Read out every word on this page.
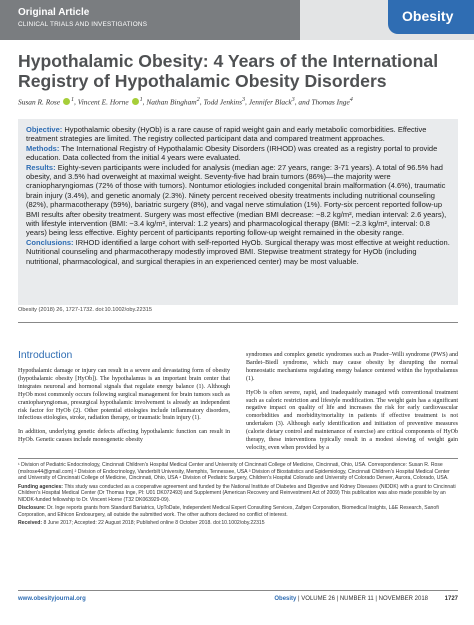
Original Article
CLINICAL TRIALS AND INVESTIGATIONS
Obesity
Hypothalamic Obesity: 4 Years of the International Registry of Hypothalamic Obesity Disorders
Susan R. Rose $^1$, Vincent E. Horne $^1$, Nathan Bingham$^2$, Todd Jenkins$^3$, Jennifer Black$^3$, and Thomas Inge$^4$

Objective: Hypothalamic obesity (HyOb) is a rare cause of rapid weight gain and early metabolic comorbidities. Effective treatment strategies are limited. The registry collected participant data and compared treatment approaches.

Methods: The International Registry of Hypothalamic Obesity Disorders (IRHOD) was created as a registry portal to provide education. Data collected from the initial 4 years were evaluated.

Results: Eighty-seven participants were included for analysis (median age: 27 years, range: 3-71 years). A total of 96.5% had obesity, and 3.5% had overweight at maximal weight. Seventy-five had brain tumors (86%)—the majority were craniopharyngiomas (72% of those with tumors). Nontumor etiologies included congenital brain malformation (4.6%), traumatic brain injury (3.4%), and genetic anomaly (2.3%). Ninety percent received obesity treatments including nutritional counseling (82%), pharmacotherapy (59%), bariatric surgery (8%), and vagal nerve stimulation (1%). Forty-six percent reported follow-up BMI results after obesity treatment. Surgery was most effective (median BMI decrease: −8.2 kg/m², median interval: 2.6 years), with lifestyle intervention (BMI: −3.4 kg/m², interval: 1.2 years) and pharmacological therapy (BMI: −2.3 kg/m², interval: 0.8 years) being less effective. Eighty percent of participants reporting follow-up weight remained in the obesity range.

Conclusions: IRHOD identified a large cohort with self-reported HyOb. Surgical therapy was most effective at weight reduction. Nutritional counseling and pharmacotherapy modestly improved BMI. Stepwise treatment strategy for HyOb (including nutritional, pharmacological, and surgical therapies in an experienced center) may be most valuable.

Obesity (2018) 26, 1727-1732. doi:10.1002/oby.22315
Introduction

Hypothalamic damage or injury can result in a severe and devastating form of obesity (hypothalamic obesity [HyOb]). The hypothalamus is an important brain center that integrates neuronal and hormonal signals that regulate energy balance (1). Although HyOb most commonly occurs following surgical management for brain tumors such as craniopharyngiomas, presurgical hypothalamic involvement is already an independent risk factor for HyOb (2). Other potential etiologies include inflammatory disorders, infectious etiologies, stroke, radiation therapy, or traumatic brain injury (1).

In addition, underlying genetic defects affecting hypothalamic function can result in HyOb. Genetic causes include monogenetic obesity

syndromes and complex genetic syndromes such as Prader–Willi syndrome (PWS) and Bardet–Biedl syndrome, which may cause obesity by disrupting the normal homeostatic mechanisms regulating energy balance centered within the hypothalamus (1).

HyOb is often severe, rapid, and inadequately managed with conventional treatment such as caloric restriction and lifestyle modification. The weight gain has a significant negative impact on quality of life and increases the risk for early cardiovascular comorbidities and morbidity/mortality in patients if effective treatment is not undertaken (3). Although early identification and initiation of preventive measures (calorie dietary control and maintenance of exercise) are critical components of HyOb therapy, these interventions typically result in a modest slowing of weight gain velocity, even when provided by a

¹ Division of Pediatric Endocrinology, Cincinnati Children's Hospital Medical Center and University of Cincinnati College of Medicine, Cincinnati, Ohio, USA. Correspondence: Susan R. Rose (mslrose44@gmail.com) ² Division of Endocrinology, Vanderbilt University, Memphis, Tennessee, USA ³ Division of Biostatistics and Epidemiology, Cincinnati Children's Hospital Medical Center and University of Cincinnati College of Medicine, Cincinnati, Ohio, USA ⁴ Division of Pediatric Surgery, Children's Hospital Colorado and University of Colorado Denver, Aurora, Colorado, USA.

Funding agencies: This study was conducted as a cooperative agreement and funded by the National Institute of Diabetes and Digestive and Kidney Diseases (NIDDK) with a grant to Cincinnati Children's Hospital Medical Center (Dr Thomas Inge, PI: U01 DK072493) and Supplement (American Recovery and Reinvestment Act of 2009) This publication was also made possible by an NIDDK-funded fellowship to Dr. Vincent Horne (T32 DK063929-09).

Disclosure: Dr. Inge reports grants from Standard Bariatrics, UpToDate, Independent Medical Expert Consulting Services, Zafgen Corporation, Biomedical Insights, L&E Research, Sanofi Corporation, and Ethicon Endosurgery, all outside the submitted work. The other authors declared no conflict of interest.

Received: 8 June 2017; Accepted: 22 August 2018; Published online 8 October 2018. doi:10.1002/oby.22315

www.obesityjournal.org	Obesity | VOLUME 26 | NUMBER 11 | NOVEMBER 2018	1727
